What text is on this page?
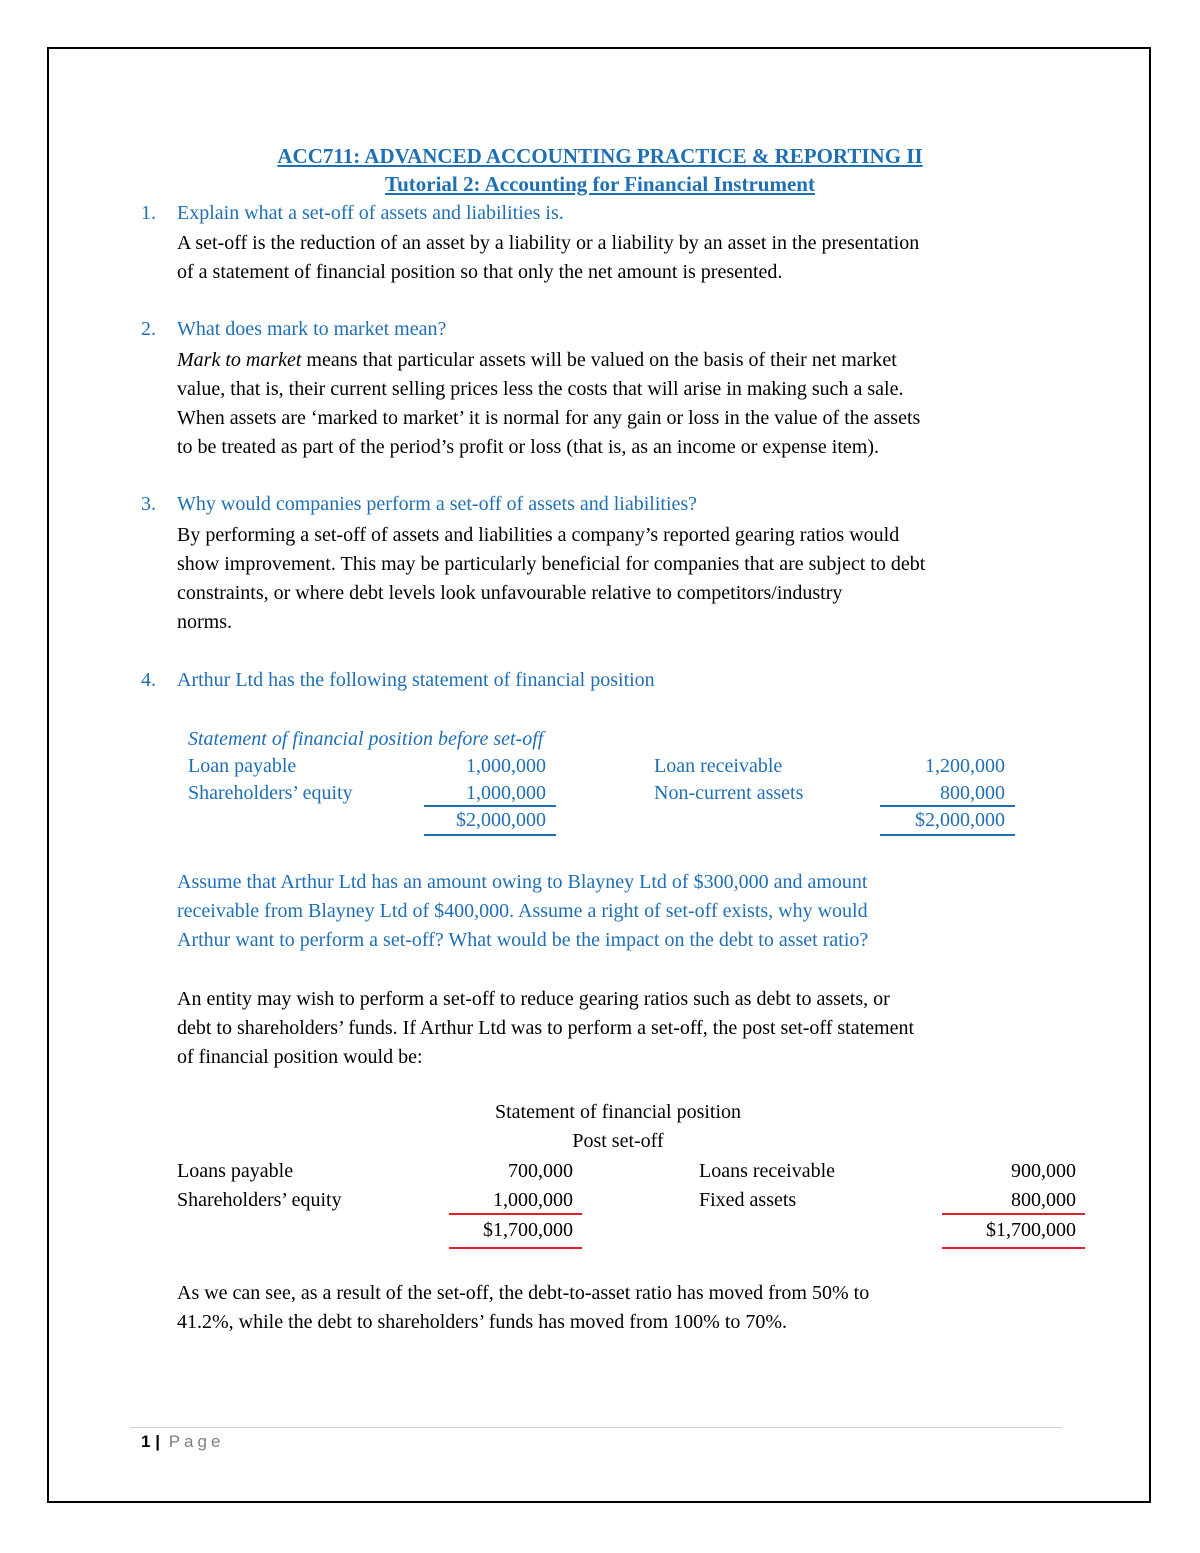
ACC711: ADVANCED ACCOUNTING PRACTICE & REPORTING II
Tutorial 2: Accounting for Financial Instrument
1. Explain what a set-off of assets and liabilities is.
A set-off is the reduction of an asset by a liability or a liability by an asset in the presentation
of a statement of financial position so that only the net amount is presented.
2. What does mark to market mean?
Mark to market means that particular assets will be valued on the basis of their net market
value, that is, their current selling prices less the costs that will arise in making such a sale.
When assets are ‘marked to market’ it is normal for any gain or loss in the value of the assets
to be treated as part of the period’s profit or loss (that is, as an income or expense item).
3. Why would companies perform a set-off of assets and liabilities?
By performing a set-off of assets and liabilities a company’s reported gearing ratios would
show improvement. This may be particularly beneficial for companies that are subject to debt
constraints, or where debt levels look unfavourable relative to competitors/industry
norms.
4. Arthur Ltd has the following statement of financial position
Statement of financial position before set-off
Loan payable
Shareholders’ equity
1,000,000
1,000,000
$2,000,000
Loan receivable
Non-current assets
1,200,000
800,000
$2,000,000
Assume that Arthur Ltd has an amount owing to Blayney Ltd of $300,000 and amount
receivable from Blayney Ltd of $400,000. Assume a right of set-off exists, why would
Arthur want to perform a set-off? What would be the impact on the debt to asset ratio?
An entity may wish to perform a set-off to reduce gearing ratios such as debt to assets, or
debt to shareholders’ funds. If Arthur Ltd was to perform a set-off, the post set-off statement
of financial position would be:
Statement of financial position
Post set-off
Loans payable
Shareholders’ equity
700,000
1,000,000
$1,700,000
Loans receivable
Fixed assets
900,000
800,000
$1,700,000
As we can see, as a result of the set-off, the debt-to-asset ratio has moved from 50% to
41.2%, while the debt to shareholders’ funds has moved from 100% to 70%.
1 | Page
